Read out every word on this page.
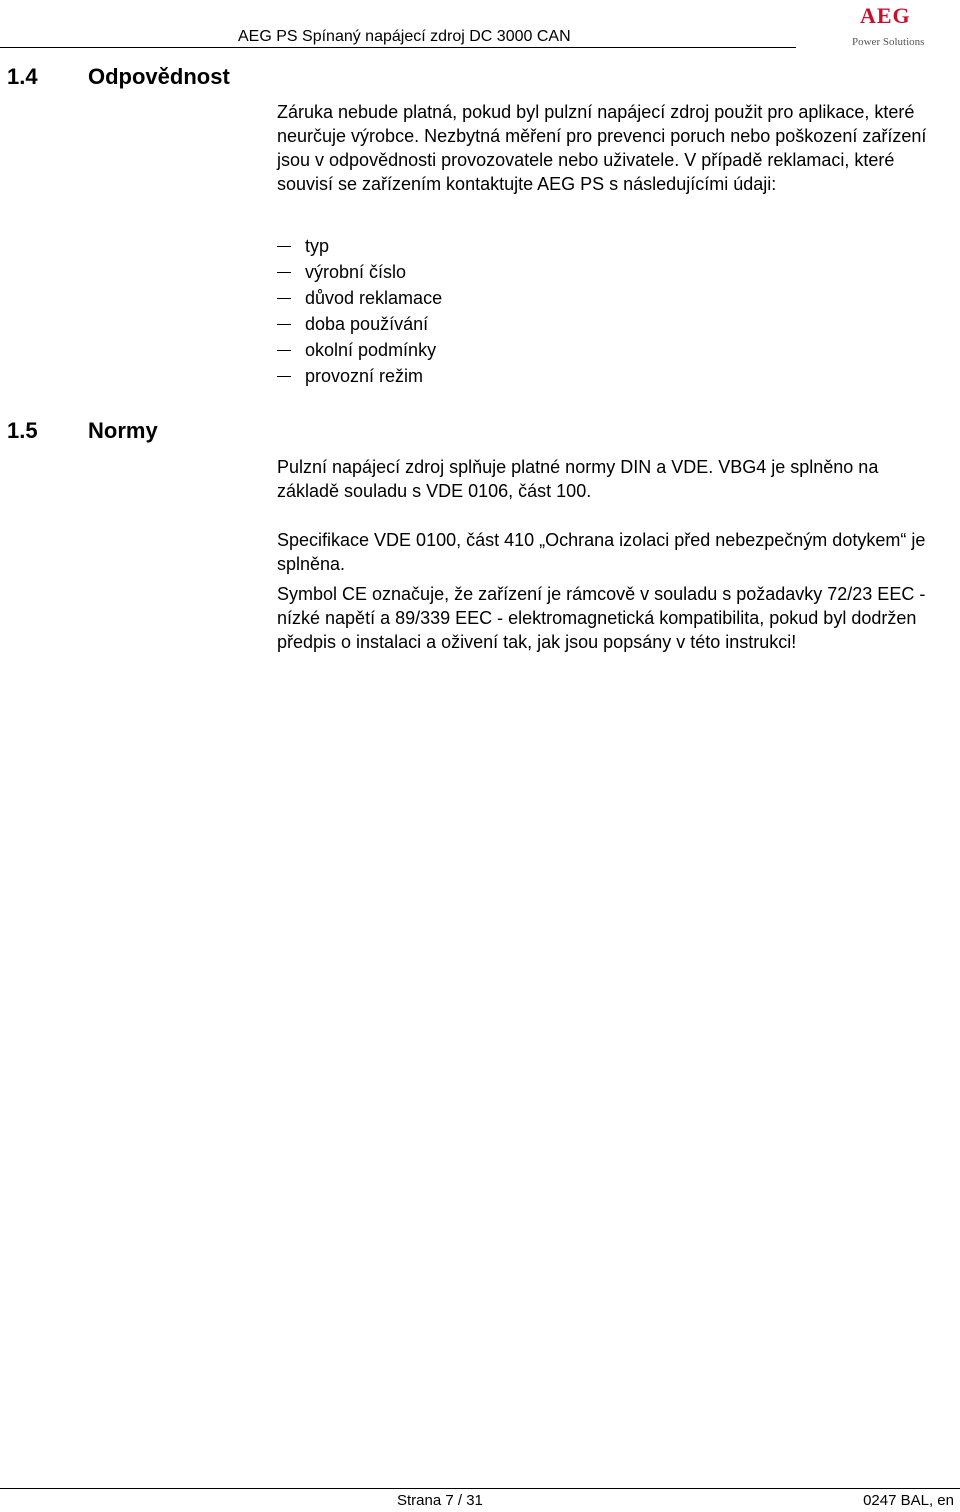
AEG PS Spínaný napájecí zdroj DC 3000 CAN
AEG
Power Solutions
1.4 Odpovědnost

Záruka nebude platná, pokud byl pulzní napájecí zdroj použit pro aplikace, které neurčuje výrobce. Nezbytná měření pro prevenci poruch nebo poškození zařízení jsou v odpovědnosti provozovatele nebo uživatele. V případě reklamaci, které souvisí se zařízením kontaktujte AEG PS s následujícími údaji:

typ
výrobní číslo
důvod reklamace
doba používání
okolní podmínky
provozní režim
1.5 Normy

Pulzní napájecí zdroj splňuje platné normy DIN a VDE. VBG4 je splněno na základě souladu s VDE 0106, část 100.

Specifikace VDE 0100, část 410 „Ochrana izolaci před nebezpečným dotykem“ je splněna.

Symbol CE označuje, že zařízení je rámcově v souladu s požadavky 72/23 EEC - nízké napětí a 89/339 EEC - elektromagnetická kompatibilita, pokud byl dodržen předpis o instalaci a oživení tak, jak jsou popsány v této instrukci!

Strana 7 / 31	0247 BAL, en
